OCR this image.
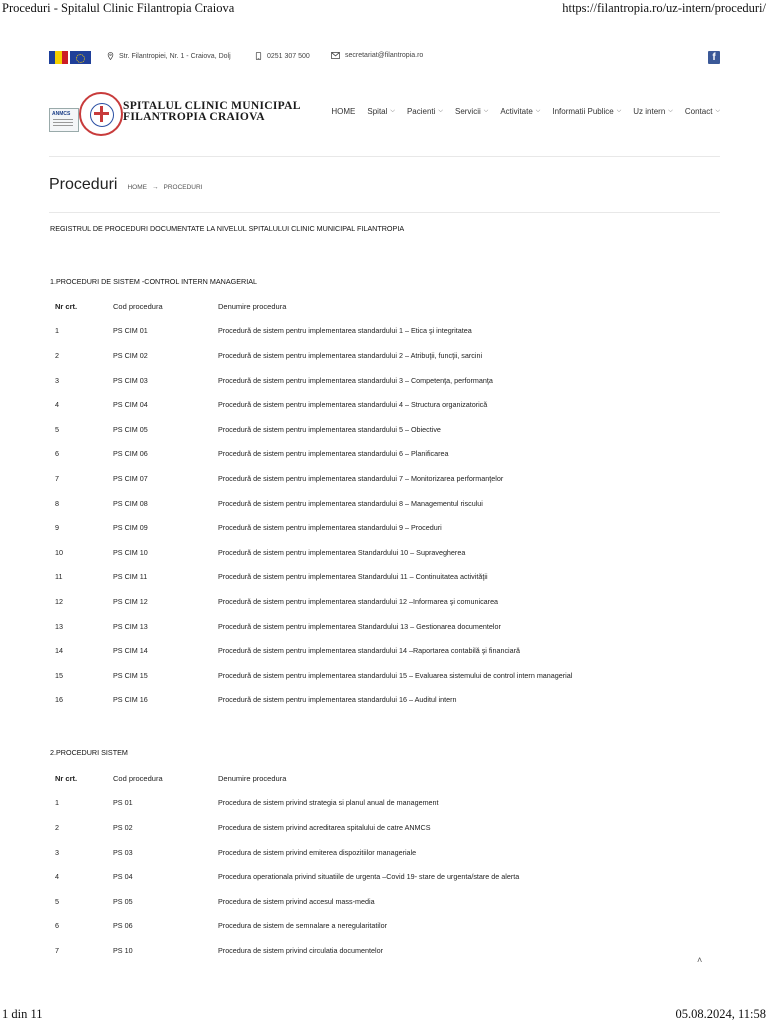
Proceduri - Spitalul Clinic Filantropia Craiova	https://filantropia.ro/uz-intern/proceduri/
Str. Filantropiei, Nr. 1 - Craiova, Dolj	0251 307 500	secretariat@filantropia.ro	f
ANMCS
SPITALUL CLINIC MUNICIPAL
FILANTROPIA CRAIOVA	HOME Spital ⌵ Pacienti ⌵ Servicii ⌵ Activitate ⌵ Informatii Publice ⌵ Uz intern ⌵ Contact ⌵
Proceduri HOME → PROCEDURI
REGISTRUL DE PROCEDURI DOCUMENTATE LA NIVELUL SPITALULUI CLINIC MUNICIPAL FILANTROPIA
1.PROCEDURI DE SISTEM -CONTROL INTERN MANAGERIAL
Nr crt.	Cod procedura	Denumire procedura
1	PS CIM 01	Procedură de sistem pentru implementarea standardului 1 – Etica şi integritatea
2	PS CIM 02	Procedură de sistem pentru implementarea standardului 2 – Atribuţii, funcţii, sarcini
3	PS CIM 03	Procedură de sistem pentru implementarea standardului 3 – Competenţa, performanţa
4	PS CIM 04	Procedură de sistem pentru implementarea standardului 4 – Structura organizatorică
5	PS CIM 05	Procedură de sistem pentru implementarea standardului 5 – Obiective
6	PS CIM 06	Procedură de sistem pentru implementarea standardului 6 – Planificarea
7	PS CIM 07	Procedură de sistem pentru implementarea standardului 7 – Monitorizarea performanţelor
8	PS CIM 08	Procedură de sistem pentru implementarea standardului 8 – Managementul riscului
9	PS CIM 09	Procedură de sistem pentru implementarea standardului 9 – Proceduri
10	PS CIM 10	Procedură de sistem pentru implementarea Standardului 10 – Supravegherea
11	PS CIM 11	Procedură de sistem pentru implementarea Standardului 11 – Continuitatea activităţii
12	PS CIM 12	Procedură de sistem pentru implementarea standardului 12 –Informarea şi comunicarea
13	PS CIM 13	Procedură de sistem pentru implementarea Standardului 13 – Gestionarea documentelor
14	PS CIM 14	Procedură de sistem pentru implementarea standardului 14 –Raportarea contabilă şi financiară
15	PS CIM 15	Procedură de sistem pentru implementarea standardului 15 – Evaluarea sistemului de control intern managerial
16	PS CIM 16	Procedură de sistem pentru implementarea standardului 16 – Auditul intern
2.PROCEDURI SISTEM
Nr crt.	Cod procedura	Denumire procedura
1	PS 01	Procedura de sistem privind strategia si planul anual de management
2	PS 02	Procedura de sistem privind acreditarea spitalului de catre ANMCS
3	PS 03	Procedura de sistem privind emiterea dispozitiilor manageriale
4	PS 04	Procedura operationala privind situatiile de urgenta –Covid 19- stare de urgenta/stare de alerta
5	PS 05	Procedura de sistem privind accesul mass-media
6	PS 06	Procedura de sistem de semnalare a neregularitatilor
7	PS 10	Procedura de sistem privind circulatia documentelor
˄
1 din 11	05.08.2024, 11:58
